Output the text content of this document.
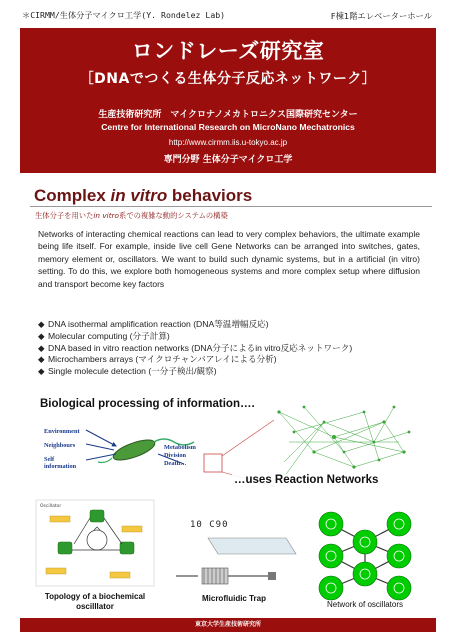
＊CIRMM/生体分子マイクロ工学(Y. Rondelez Lab)	F棟1階エレベーターホール
ロンドレーズ研究室
［DNAでつくる生体分子反応ネットワーク］
生産技術研究所　マイクロナノメカトロニクス国際研究センター
Centre for International Research on MicroNano Mechatronics
http://www.cirmm.iis.u-tokyo.ac.jp
専門分野 生体分子マイクロ工学
Complex in vitro behaviors
生体分子を用いたin vitro系での複雑な動的システムの構築
Networks of interacting chemical reactions can lead to very complex behaviors, the ultimate example being life itself. For example, inside live cell Gene Networks can be arranged into switches, gates, memory element or, oscillators. We want to build such dynamic systems, but in a artificial (in vitro) setting. To do this, we explore both homogeneous systems and more complex setup where diffusion and transport become key factors
◆ DNA isothermal amplification reaction (DNA等温増幅反応)
◆ Molecular computing (分子計算)
◆ DNA based in vitro reaction networks (DNA分子によるin vitro反応ネットワーク)
◆ Microchambers arrays (マイクロチャンバアレイによる分析)
◆ Single molecule detection (一分子検出/観察)
Biological processing of information….
Environment
Neighbours
Self
information
Metabolism
Division
Death…
…uses Reaction Networks
Oscillator
Topology of a biochemical
oscilllator
10 C90
Microfluidic Trap
Network of oscillators
東京大学生産技術研究所
